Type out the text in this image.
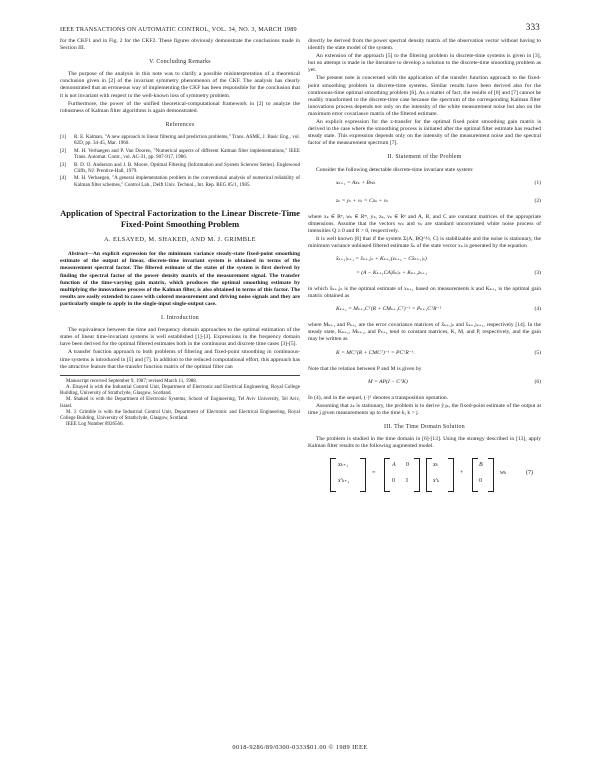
IEEE TRANSACTIONS ON AUTOMATIC CONTROL, VOL. 34, NO. 3, MARCH 1989	333

for the CKF1 and in Fig. 2 for the CKF2. These figures obviously demonstrate the conclusions made in Section III.

V. Concluding Remarks

The purpose of the analysis in this note was to clarify a possible misinterpretation of a theoretical conclusion given in [2] of the invariant symmetry phenomenon of the CKF. The analysis has clearly demonstrated that an erroneous way of implementing the CKF has been responsible for the conclusion that it is not invariant with respect to the well-known loss of symmetry problem.

Furthermore, the power of the unified theoretical-computational framework in [2] to analyze the robustness of Kalman filter algorithms is again demonstrated.

References
[1] R. E. Kalman, "A new approach to linear filtering and prediction problems," Trans. ASME, J. Basic Eng., vol. 82D, pp. 34-45, Mar. 1960.
[2] M. H. Verhaegen and P. Van Dooren, "Numerical aspects of different Kalman filter implementations," IEEE Trans. Automat. Contr., vol. AC-31, pp. 907-917, 1986.
[3] B. D. O. Anderson and J. B. Moore, Optimal Filtering (Information and System Sciences Series). Englewood Cliffs, NJ: Prentice-Hall, 1979.
[4] M. H. Verhaegen, "A general implementation problem in the conventional analysis of numerical reliability of Kalman filter schemes," Control Lab., Delft Univ. Technol., Int. Rep. REG 85/1, 1985.
Application of Spectral Factorization to the Linear Discrete-Time Fixed-Point Smoothing Problem
A. ELSAYED, M. SHAKED, AND M. J. GRIMBLE

Abstract—An explicit expression for the minimum variance steady-state fixed-point smoothing estimate of the output of linear, discrete-time invariant system is obtained in terms of the measurement spectral factor. The filtered estimate of the states of the system is first derived by finding the spectral factor of the power density matrix of the measurement signal. The transfer function of the time-varying gain matrix, which produces the optimal smoothing estimate by multiplying the innovations process of the Kalman filter, is also obtained in terms of this factor. The results are easily extended to cases with colored measurement and driving noise signals and they are particularly simple to apply in the single-input single-output case.

I. Introduction

The equivalence between the time and frequency domain approaches to the optimal estimation of the states of linear time-invariant systems is well established [1]-[3]. Expressions in the frequency domain have been derived for the optimal filtered estimates both in the continuous and discrete time cases [3]-[5].

A transfer function approach to both problems of filtering and fixed-point smoothing in continuous-time systems is introduced in [5] and [7]. In addition to the reduced computational effort, this approach has the attractive feature that the transfer function matrix of the optimal filter can

Manuscript received September 9, 1987; revised March 11, 1988.

A. Elsayed is with the Industrial Control Unit, Department of Electronic and Electrical Engineering, Royal College Building, University of Strathclyde, Glasgow, Scotland.

M. Shaked is with the Department of Electronic Systems, School of Engineering, Tel Aviv University, Tel Aviv, Israel.

M. J. Grimble is with the Industrial Control Unit, Department of Electronic and Electrical Engineering, Royal College Building, University of Strathclyde, Glasgow, Scotland.

IEEE Log Number 8926566.

directly be derived from the power spectral density matrix of the observation vector without having to identify the state model of the system.

An extension of the approach [5] to the filtering problem in discrete-time systems is given in [3], but no attempt is made in the literature to develop a solution to the discrete-time smoothing problem as yet.

The present note is concerned with the application of the transfer function approach to the fixed-point smoothing problem in discrete-time systems. Similar results have been derived also for the continuous-time optimal smoothing problem [6]. As a matter of fact, the results of [6] and [7] cannot be readily transformed to the discrete-time case because the spectrum of the corresponding Kalman filter innovations process depends not only on the intensity of the white measurement noise but also on the maximum error covariance matrix of the filtered estimate.

An explicit expression for the z-transfer for the optimal fixed point smoothing gain matrix is derived in the case where the smoothing process is initiated after the optimal filter estimate has reached steady state. This expression depends only on the intensity of the measurement noise and the spectral factor of the measurement spectrum [7].

II. Statement of the Problem

Consider the following detectable discrete-time invariant state system:

xₖ₊₁ = Axₖ + Bwₖ	(1)
zₖ = yₖ + vₖ = Cxₖ + vₖ	(2)

where xₖ ∈ Rⁿ, wₖ ∈ Rᵐ, yₖ, zₖ, vₖ ∈ Rᵖ and A, B, and C are constant matrices of the appropriate dimensions. Assume that the vectors wₖ and vₖ are standard uncorrelated white noise process of intensities Q ≥ 0 and R > 0, respectively.

It is well known [8] that if the system Σ(A, BQ^½, C) is stabilizable and the noise is stationary, the minimum variance unbiased filtered estimate x̂ₖ of the state vector xₖ is generated by the equation

x̂ₖ₊₁|ₖ₊₁ = x̂ₖ₊₁|ₖ + Kₖ₊₁(zₖ₊₁ − Cx̂ₖ₊₁|ₖ)
= (A − Kₖ₊₁CA)x̂ₖ|ₖ + Kₖ₊₁zₖ₊₁	(3)

in which x̂ₖ₊₁|ₖ is the optimal estimate of xₖ₊₁ based on measurements k and Kₖ₊₁ is the optimal gain matrix obtained as

Kₖ₊₁ = Mₖ₊₁Cᵀ(R + CMₖ₊₁Cᵀ)⁻¹ = Pₖ₊₁CᵀR⁻¹	(4)

where Mₖ₊₁ and Pₖ₊₁ are the error covariance matrices of x̂ₖ₊₁|ₖ and x̂ₖ₊₁|ₖ₊₁, respectively [14]. In the steady state, Kₖ₊₁, Mₖ₊₁, and Pₖ₊₁ tend to constant matrices, K, M, and P, respectively, and the gain may be written as

K = MCᵀ(R + CMCᵀ)⁻¹ = PCᵀR⁻¹.	(5)

Note that the relation between P and M is given by

M = AP(I − CᵀK)	(6)

In (4), and in the sequel, (·)ᵀ denotes a transposition operation.

Assuming that zₖ is stationary, the problem is to derive ŷⱼ|ₖ, the fixed-point estimate of the output at time j given measurements up to the time k, k > j.

III. The Time Domain Solution

The problem is studied in the time domain in [6]-[13]. Using the strategy described in [13], apply Kalman filter results to the following augmented model.

xₖ₊₁
x'ₖ₊₁
=
A 0
0 I
xₖ
x'ₖ
+
B
0
wₖ	(7)
0018-9286/89/0300-0333$01.00 © 1989 IEEE
